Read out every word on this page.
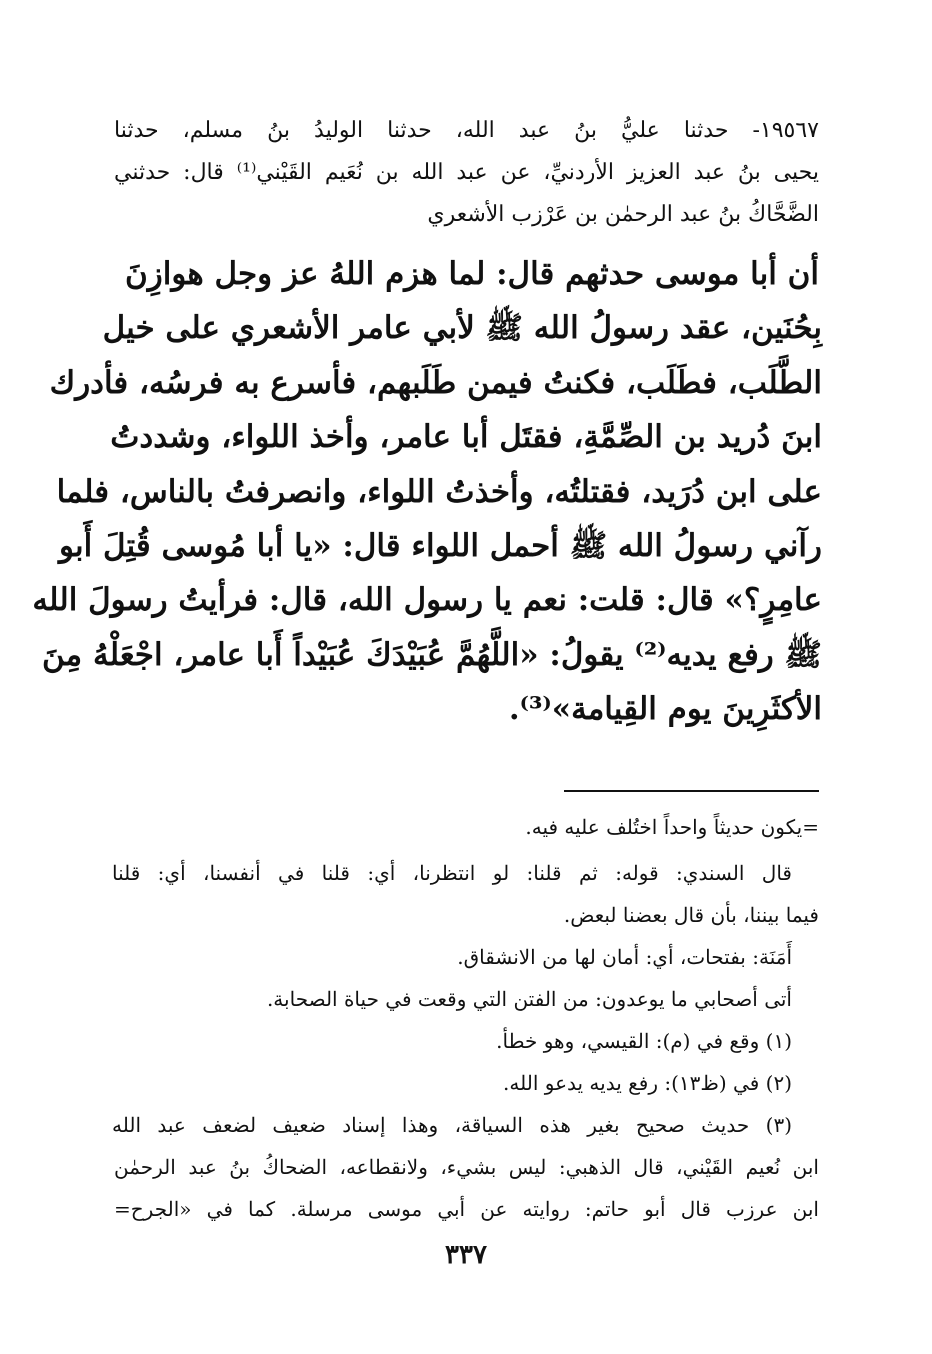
١٩٥٦٧- حدثنا عليُّ بنُ عبد الله، حدثنا الوليدُ بنُ مسلم، حدثنا

يحيى بنُ عبد العزيز الأردنيِّ، عن عبد الله بن نُعَيم القَيْني⁽¹⁾ قال: حدثني

الضَّحَّاكُ بنُ عبد الرحمٰن بن عَرْزب الأشعري

أن أبا موسى حدثهم قال: لما هزم اللهُ عز وجل هوازِنَ

بِحُنَين، عقد رسولُ الله ﷺ لأبي عامر الأشعري على خيل

الطَّلَب، فطَلَب، فكنتُ فيمن طَلَبهم، فأسرع به فرسُه، فأدرك

ابنَ دُريد بن الصِّمَّةِ، فقتَل أبا عامر، وأخذ اللواء، وشددتُ

على ابن دُرَيد، فقتلتُه، وأخذتُ اللواء، وانصرفتُ بالناس، فلما

رآني رسولُ الله ﷺ أحمل اللواء قال: «يا أبا مُوسى قُتِلَ أَبو

عامِرٍ؟» قال: قلت: نعم يا رسول الله، قال: فرأيتُ رسولَ الله

ﷺ رفع يديه⁽²⁾ يقولُ: «اللَّهُمَّ عُبَيْدَكَ عُبَيْداً أَبا عامر، اجْعَلْهُ مِنَ

الأكثَرِينَ يوم القِيامة»⁽³⁾.

=يكون حديثاً واحداً اختُلف عليه فيه.

قال السندي: قوله: ثم قلنا: لو انتظرنا، أي: قلنا في أنفسنا، أي: قلنا

فيما بيننا، بأن قال بعضنا لبعض.

أَمَنَة: بفتحات، أي: أمان لها من الانشقاق.

أتى أصحابي ما يوعدون: من الفتن التي وقعت في حياة الصحابة.

(١) وقع في (م): القيسي، وهو خطأ.

(٢) في (ظ١٣): رفع يديه يدعو الله.

(٣) حديث صحيح بغير هذه السياقة، وهذا إسناد ضعيف لضعف عبد الله

ابن نُعيم القَيْني، قال الذهبي: ليس بشيء، ولانقطاعه، الضحاكُ بنُ عبد الرحمٰن

ابن عرزب قال أبو حاتم: روايته عن أبي موسى مرسلة. كما في «الجرح=

٣٣٧
